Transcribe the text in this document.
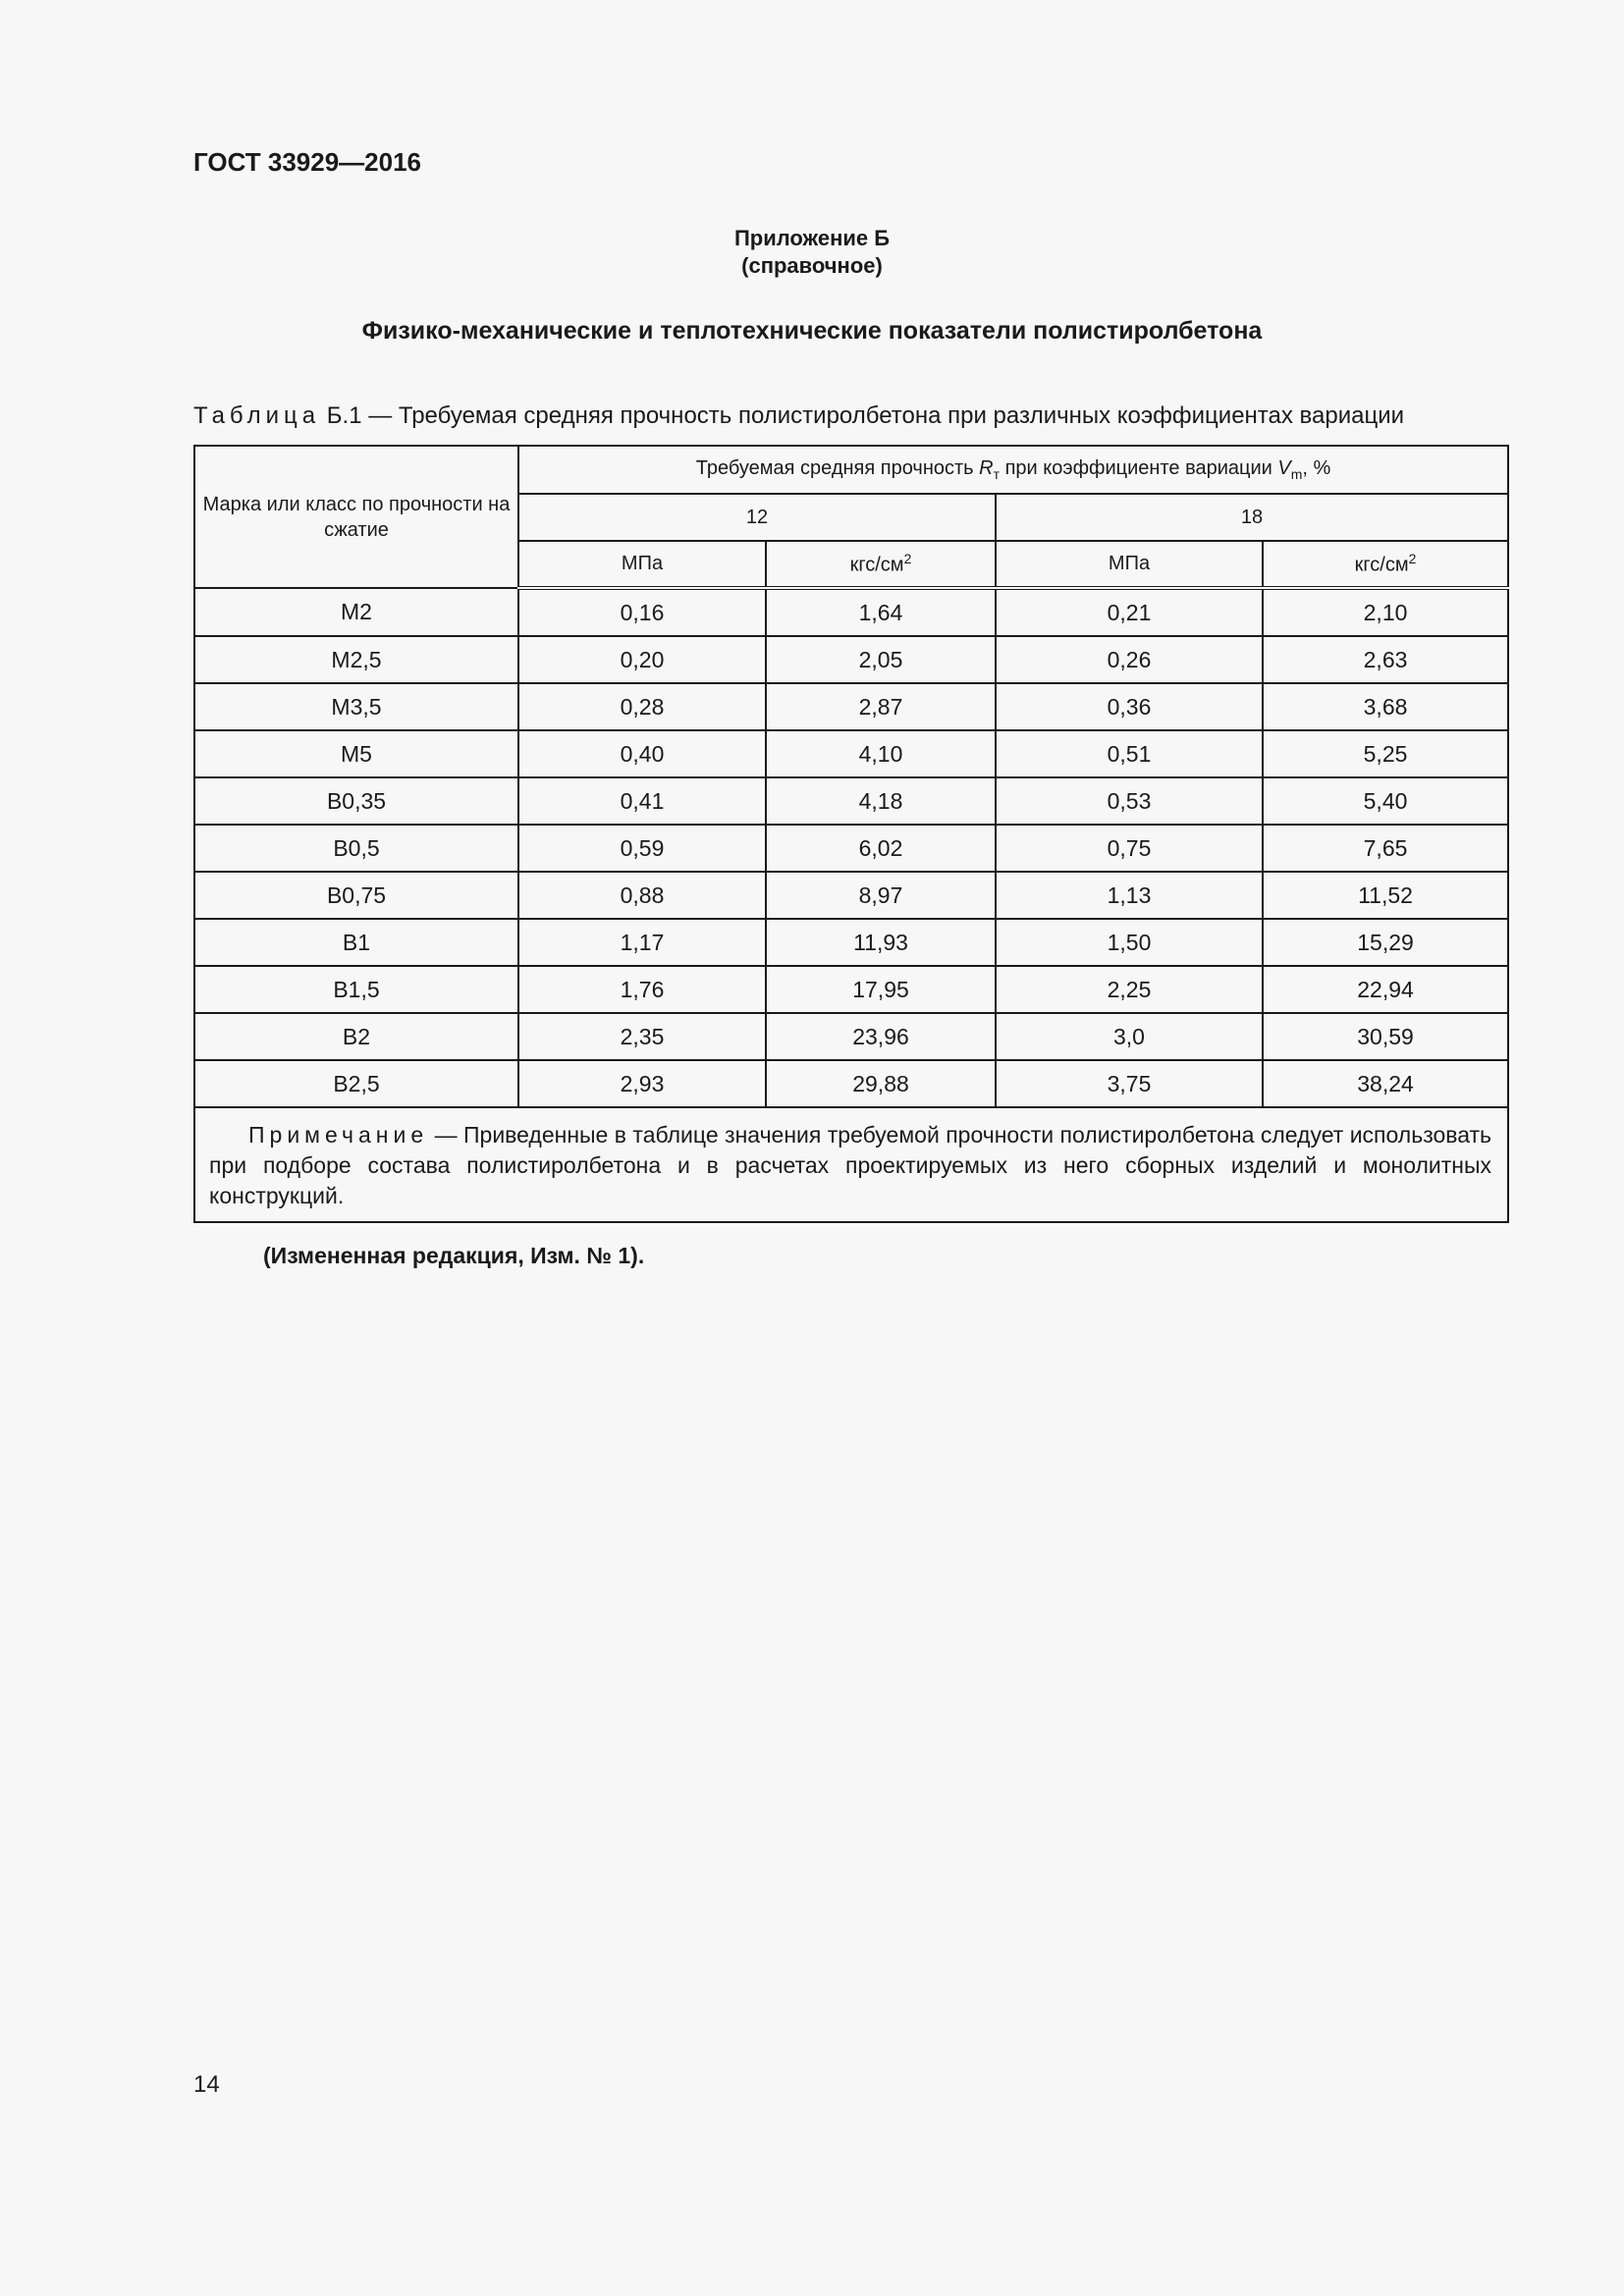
ГОСТ 33929—2016
Приложение Б
(справочное)
Физико-механические и теплотехнические показатели полистиролбетона
Таблица Б.1 — Требуемая средняя прочность полистиролбетона при различных коэффициентах вариации
Марка или класс по прочности на сжатие	Требуемая средняя прочность $R_т$ при коэффициенте вариации $V_m$, %			
	12		18	
	МПа	кгс/$см^2$	МПа	кгс/$см^2$
М2	0,16	1,64	0,21	2,10
М2,5	0,20	2,05	0,26	2,63
М3,5	0,28	2,87	0,36	3,68
М5	0,40	4,10	0,51	5,25
В0,35	0,41	4,18	0,53	5,40
В0,5	0,59	6,02	0,75	7,65
В0,75	0,88	8,97	1,13	11,52
В1	1,17	11,93	1,50	15,29
В1,5	1,76	17,95	2,25	22,94
В2	2,35	23,96	3,0	30,59
В2,5	2,93	29,88	3,75	38,24
Примечание — Приведенные в таблице значения требуемой прочности полистиролбетона следует использовать при подборе состава полистиролбетона и в расчетах проектируемых из него сборных изделий и монолитных конструкций.				
(Измененная редакция, Изм. № 1).
14
